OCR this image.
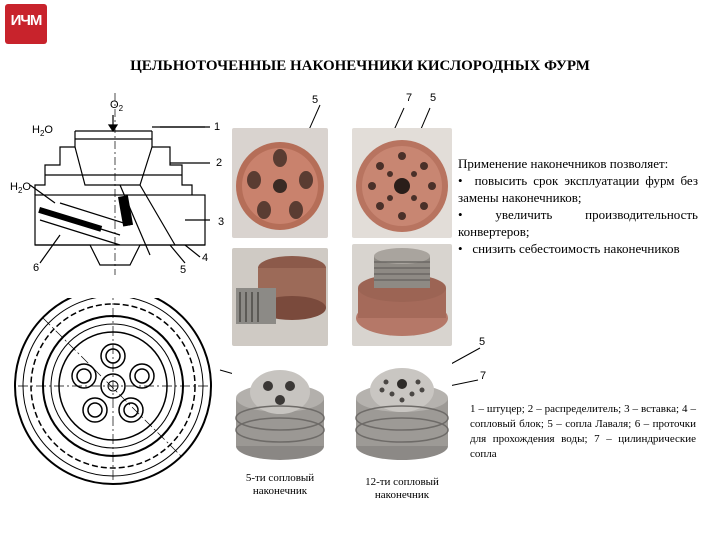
ИЧМ
ЦЕЛЬНОТОЧЕННЫЕ НАКОНЕЧНИКИ КИСЛОРОДНЫХ ФУРМ
$O_2$
5
$H_2O$	1
2
$H_2O$
3
6	5
4
7 5
5
7
Применение наконечников позволяет:
•  повысить срок эксплуатации фурм без замены наконечников;
• увеличить производительность конвертеров;
•   снизить себестоимость наконечников
1 – штуцер; 2 – распределитель; 3 – вставка; 4 – сопловый блок; 5 – сопла Лаваля; 6 – проточки для прохождения воды; 7 – цилиндрические сопла
5-ти сопловый наконечник
12-ти сопловый наконечник
